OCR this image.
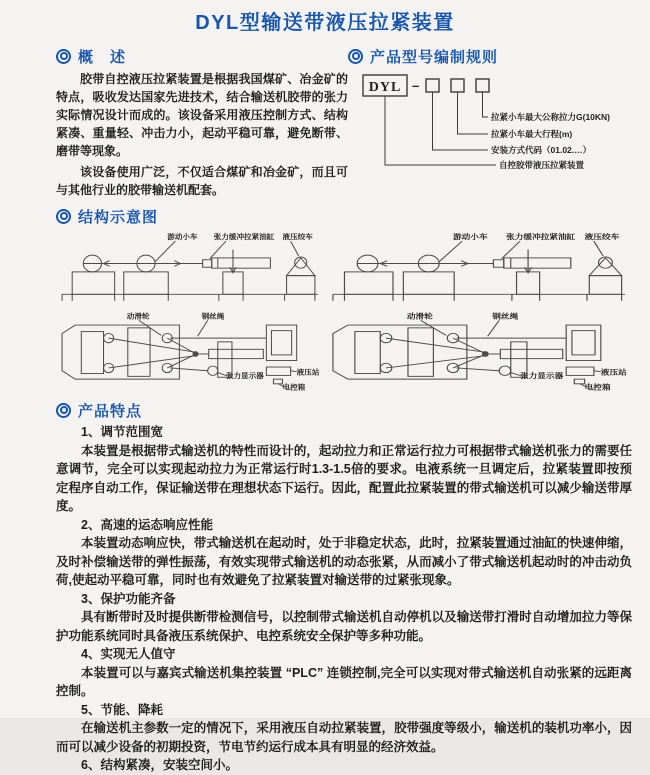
DYL型输送带液压拉紧装置
概　述

胶带自控液压拉紧装置是根据我国煤矿、冶金矿的特点，吸收发达国家先进技术，结合输送机胶带的张力实际情况设计而成的。该设备采用液压控制方式、结构紧凑、重量轻、冲击力小，起动平稳可靠，避免断带、磨带等现象。

该设备使用广泛，不仅适合煤矿和冶金矿，而且可与其他行业的胶带输送机配套。

产品型号编制规则
DYL –
拉紧小车最大公称拉力G(10KN)
拉紧小车最大行程(m)
安装方式代码（01.02.…）
自控胶带液压拉紧装置
结构示意图
游动小车 张力缓冲拉紧油缸 液压绞车
动滑轮	钢丝绳
张力显示器	液压站
电控箱
游动小车 张力缓冲拉紧油缸 液压绞车
动滑轮	钢丝绳
张力显示器	液压站
电控箱
产品特点

1、调节范围宽

本装置是根据带式输送机的特性而设计的，起动拉力和正常运行拉力可根据带式输送机张力的需要任意调节，完全可以实现起动拉力为正常运行时1.3-1.5倍的要求。电液系统一旦调定后，拉紧装置即按预定程序自动工作，保证输送带在理想状态下运行。因此，配置此拉紧装置的带式输送机可以减少输送带厚度。

2、高速的运态响应性能

本装置动态响应快，带式输送机在起动时，处于非稳定状态，此时，拉紧装置通过油缸的快速伸缩，及时补偿输送带的弹性振荡，有效实现带式输送机的动态张紧，从而减小了带式输送机起动时的冲击动负荷,使起动平稳可靠，同时也有效避免了拉紧装置对输送带的过紧张现象。

3、保护功能齐备

具有断带时及时提供断带检测信号，以控制带式输送机自动停机以及输送带打滑时自动增加拉力等保护功能系统同时具备液压系统保护、电控系统安全保护等多种功能。

4、实现无人值守

本装置可以与嘉宾式输送机集控装置 “PLC” 连锁控制,完全可以实现对带式输送机自动张紧的远距离控制。

5、节能、降耗

在输送机主参数一定的情况下，采用液压自动拉紧装置，胶带强度等级小，输送机的装机功率小，因而可以减少设备的初期投资，节电节约运行成本具有明显的经济效益。

6、结构紧凑，安装空间小。
